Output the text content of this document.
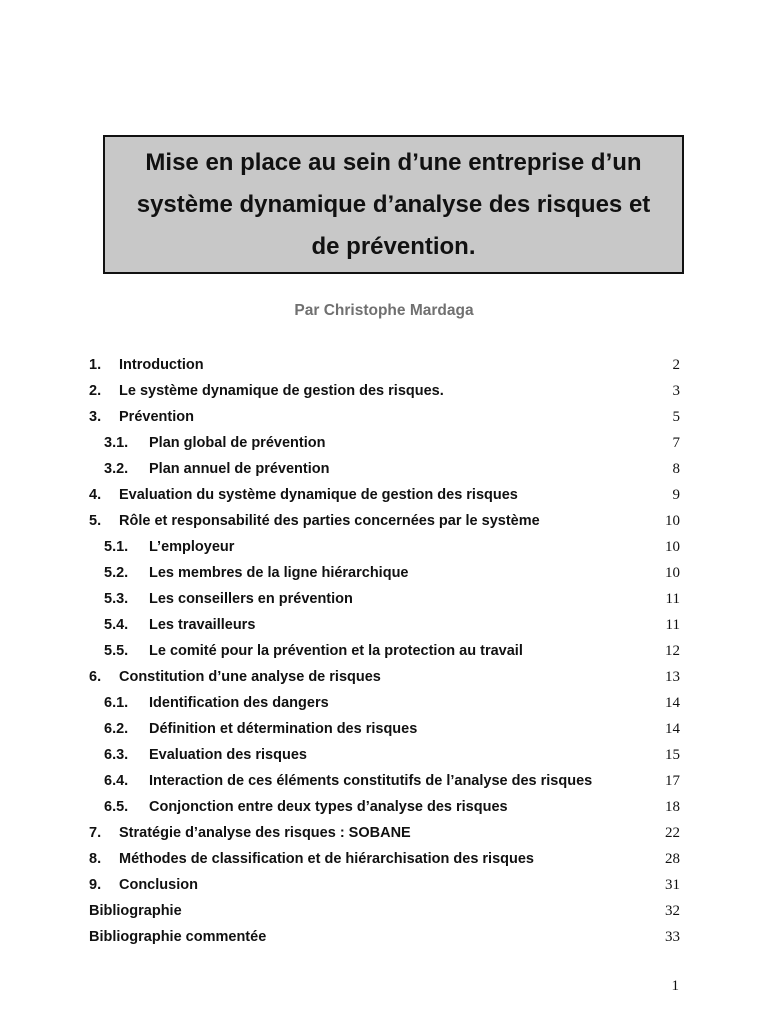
Mise en place au sein d’une entreprise d’un
système dynamique d’analyse des risques et
de prévention.
Par Christophe Mardaga
1. Introduction	2
2. Le système dynamique de gestion des risques.	3
3. Prévention	5
3.1. Plan global de prévention	7
3.2. Plan annuel de prévention	8
4. Evaluation du système dynamique de gestion des risques	9
5. Rôle et responsabilité des parties concernées par le système	10
5.1. L’employeur	10
5.2. Les membres de la ligne hiérarchique	10
5.3. Les conseillers en prévention	11
5.4. Les travailleurs	11
5.5. Le comité pour la prévention et la protection au travail	12
6. Constitution d’une analyse de risques	13
6.1. Identification des dangers	14
6.2. Définition et détermination des risques	14
6.3. Evaluation des risques	15
6.4. Interaction de ces éléments constitutifs de l’analyse des risques	17
6.5. Conjonction entre deux types d’analyse des risques	18
7. Stratégie d’analyse des risques : SOBANE	22
8. Méthodes de classification et de hiérarchisation des risques	28
9. Conclusion	31
Bibliographie	32
Bibliographie commentée	33
1
